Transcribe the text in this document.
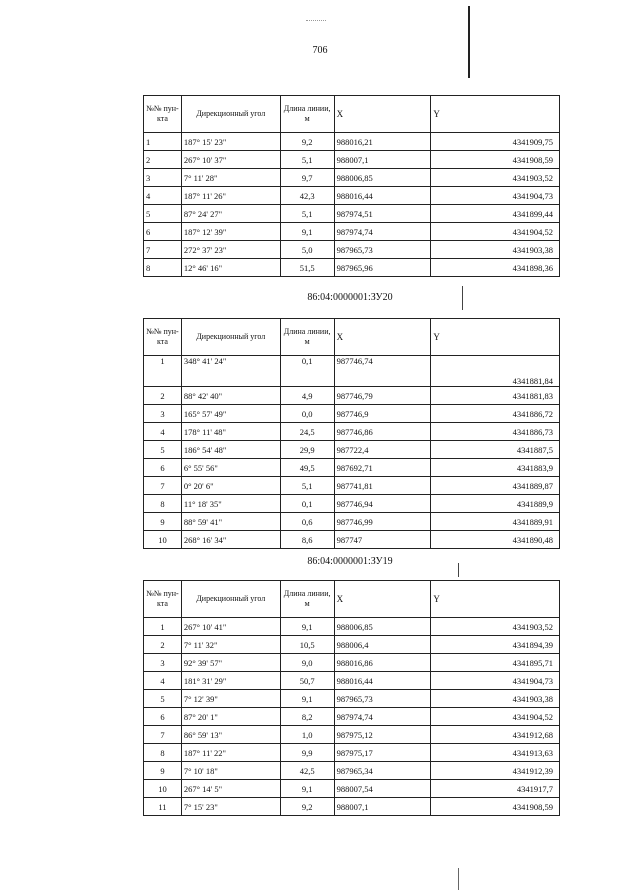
706
№№ пун- кта	Дирекционный угол	Длина линии, м	X	Y
1	187° 15' 23"	9,2	988016,21	4341909,75
2	267° 10' 37"	5,1	988007,1	4341908,59
3	7° 11' 28"	9,7	988006,85	4341903,52
4	187° 11' 26"	42,3	988016,44	4341904,73
5	87° 24' 27"	5,1	987974,51	4341899,44
6	187° 12' 39"	9,1	987974,74	4341904,52
7	272° 37' 23"	5,0	987965,73	4341903,38
8	12° 46' 16"	51,5	987965,96	4341898,36
86:04:0000001:ЗУ20
№№ пун- кта	Дирекционный угол	Длина линии, м	X	Y
1	348° 41' 24"	0,1	987746,74	4341881,84
2	88° 42' 40"	4,9	987746,79	4341881,83
3	165° 57' 49"	0,0	987746,9	4341886,72
4	178° 11' 48"	24,5	987746,86	4341886,73
5	186° 54' 48"	29,9	987722,4	4341887,5
6	6° 55' 56"	49,5	987692,71	4341883,9
7	0° 20' 6"	5,1	987741,81	4341889,87
8	11° 18' 35"	0,1	987746,94	4341889,9
9	88° 59' 41"	0,6	987746,99	4341889,91
10	268° 16' 34"	8,6	987747	4341890,48
86:04:0000001:ЗУ19
№№ пун- кта	Дирекционный угол	Длина линии, м	X	Y
1	267° 10' 41"	9,1	988006,85	4341903,52
2	7° 11' 32"	10,5	988006,4	4341894,39
3	92° 39' 57"	9,0	988016,86	4341895,71
4	181° 31' 29"	50,7	988016,44	4341904,73
5	7° 12' 39"	9,1	987965,73	4341903,38
6	87° 20' 1"	8,2	987974,74	4341904,52
7	86° 59' 13"	1,0	987975,12	4341912,68
8	187° 11' 22"	9,9	987975,17	4341913,63
9	7° 10' 18"	42,5	987965,34	4341912,39
10	267° 14' 5"	9,1	988007,54	4341917,7
11	7° 15' 23"	9,2	988007,1	4341908,59
